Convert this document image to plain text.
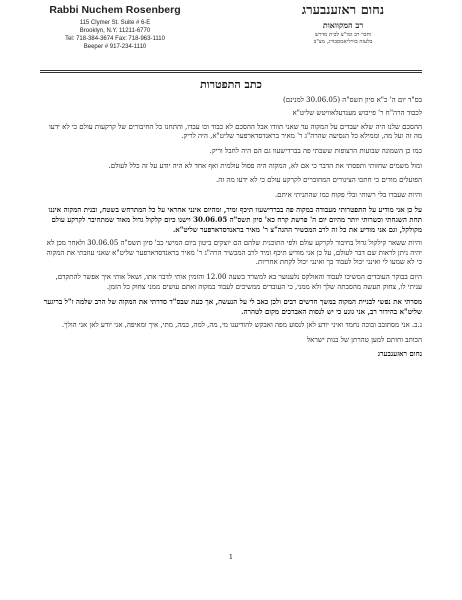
Rabbi Nuchem Rosenberg
115 Clymer St. Suite # 6-E
Brooklyn, N.Y. 11211-6770
Tel: 718-384-3674 Fax: 718-963-1110
Beeper # 917-234-1110
נחום ראזענבערג
רב המקוואות
וחבר רב ומו"צ לבית מדרש
בלעזה בוויליאמסבורג, מצ"ב
כתב התפטרות
בס"ד יום ה' כ"א סיון תשס"ה (30.06.05 למנינם)
לכבוד הרה"ח ר' פייבוש מענדעלאוויטש שליט"א
ההסכם שלנו היה שלא יעבדים על המקוה עד שאני תוודו אבל ההסכם לא כבוד וכו עבדו, והתחנו כל החיבורים של קרקעות עולם כי לא ידעו מה זה ועל מה, וממילא כל הנסיעה שהרה"ג ר' מאיר בראנדסדארפער שליט"א, היה לריק.
כמו כן השמונה שבועות הרצופות ששבתי פה בברדישעוו גם הם היה לחבל וריק.
ומול משמים שחזותי ותפסתי את הדבר כי אם לא, המקוה היה פסול עולמית ואף אחד לא היה יודע על זה כלל לעולם.
הפועלים מודים כי חתכו הצינורים המחוברים לקרקע עולם כי לא ידעו מה זה.
והיות שעבדו בלי רשותי ובלי פקוח כמו שהתניתי איתם.
על כן אני מודיע על התפטרותי מעבודה במקוה פה בברדישעוו תיכף ומיד, ומהיום אינני אחראי על כל המתרחש בשטח, ובנית המקוה איננו תחת השגחתי וכשרותי יותר מהיום יום ה' פרשת קרח כא' סיון תשס"ה 30.06.05 וישנו כיום קלקול גדול מאוד שמתחיבר לקרקע עולם מקולקל, וגם אני מודיע את כל זה לרב המכשיר ההגה"צ ר' מאיר בראנדסדארפער שליט"א.
והיות ששאר קילקול גדול בחיבור לקרקע עולם ולפי התוכנית שלהם הם יוצקים ביטון ביום המישי כב' סיון תשס"ה 30.06.05 ולאחר מכן לא יהיה ניתן לראות שם דבר לעולם, על כן אני מודיע תיכף ומיד לרב המכשיר הרה"ג ר' מאיר בראנדסדארפער שליט"א שאני עוזבתי את המקוה כי לא שמעו לי ואינני יכול לעבוד כך ואינני יכול לקחת אחריות.
היום בבוקר העובדים המשיכו לעבוד והאולקס נלענוער בא למשרד בשעה 12.00 והזמין אותי לדבר אתו, ושאל אותי איך אפשר להתקדם, עניתי לו, צחוק תעשה מהסבתה שלך ולא ממני, כי העובדים ממשיכים לעבוד במקוה ואתם עושים ממני צחוק כל הזמן.
מסרתי את נפשי לבניית המקוה במשך חדשים רבים ולכן כאב לי על הנעשה, אך כעת שבס"ד סדרתי את המקוה של הרב שלמה ז"ל בריגער שליט"א בהידור רב, אני גונע כי יש לנסות האברכים מקום לטהרה.
נ.ב. אני מסתובב ובוכה נחמד ואיני יודע לאן לנסוע מפה ואבקש להודיענו מי, מה, למה, כמה, מתי, איך ומאיפה, אני יודע לאן אני הולך.
הכותב וחותם למען טהרתן של בנות ישראל
נחום ראזענבערג
1
